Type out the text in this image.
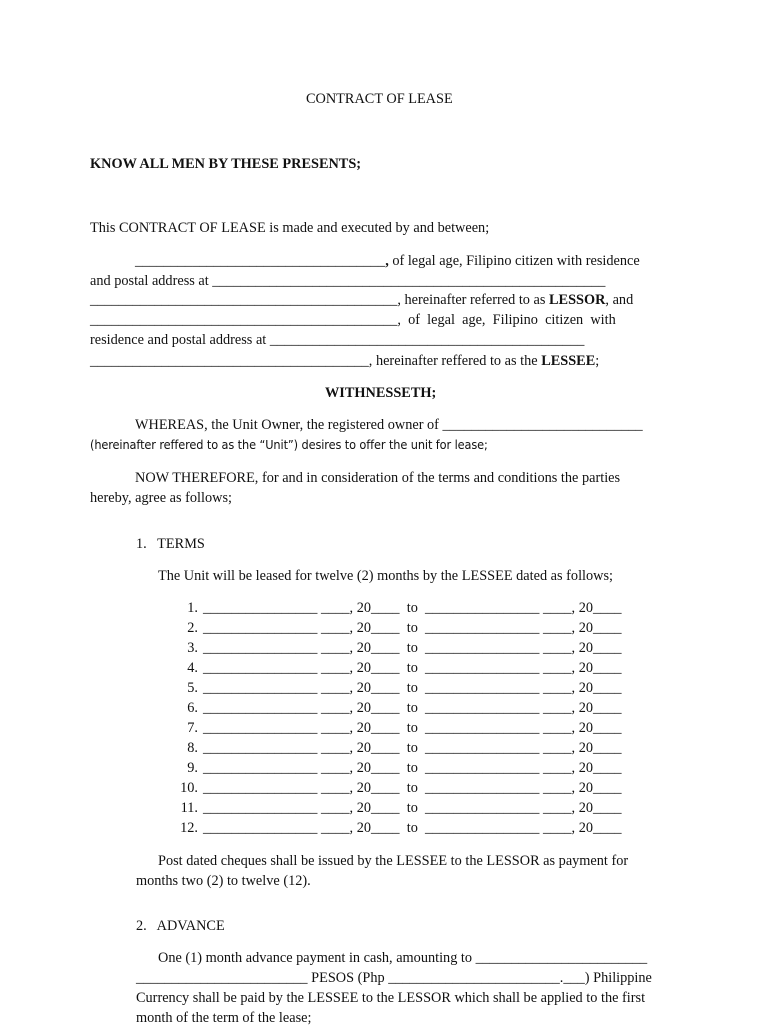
CONTRACT OF LEASE
KNOW ALL MEN BY THESE PRESENTS;
This CONTRACT OF LEASE is made and executed by and between;
___________________________________, of legal age, Filipino citizen with residence
and postal address at _______________________________________________________
___________________________________________, hereinafter referred to as LESSOR, and
___________________________________________,  of  legal  age,  Filipino  citizen  with
residence and postal address at ____________________________________________
_______________________________________, hereinafter reffered to as the LESSEE;
WITHNESSETH;
WHEREAS, the Unit Owner, the registered owner of ____________________________
(hereinafter reffered to as the “Unit”) desires to offer the unit for lease;
NOW THEREFORE, for and in consideration of the terms and conditions the parties
hereby, agree as follows;
1.   TERMS
The Unit will be leased for twelve (2) months by the LESSEE dated as follows;
1. ________________ ____, 20____  to  ________________ ____, 20____
2. ________________ ____, 20____  to  ________________ ____, 20____
3. ________________ ____, 20____  to  ________________ ____, 20____
4. ________________ ____, 20____  to  ________________ ____, 20____
5. ________________ ____, 20____  to  ________________ ____, 20____
6. ________________ ____, 20____  to  ________________ ____, 20____
7. ________________ ____, 20____  to  ________________ ____, 20____
8. ________________ ____, 20____  to  ________________ ____, 20____
9. ________________ ____, 20____  to  ________________ ____, 20____
10. ________________ ____, 20____  to  ________________ ____, 20____
11. ________________ ____, 20____  to  ________________ ____, 20____
12. ________________ ____, 20____  to  ________________ ____, 20____
Post dated cheques shall be issued by the LESSEE to the LESSOR as payment for
months two (2) to twelve (12).
2.   ADVANCE
One (1) month advance payment in cash, amounting to ________________________
________________________ PESOS (Php ________________________.___) Philippine
Currency shall be paid by the LESSEE to the LESSOR which shall be applied to the first
month of the term of the lease;
